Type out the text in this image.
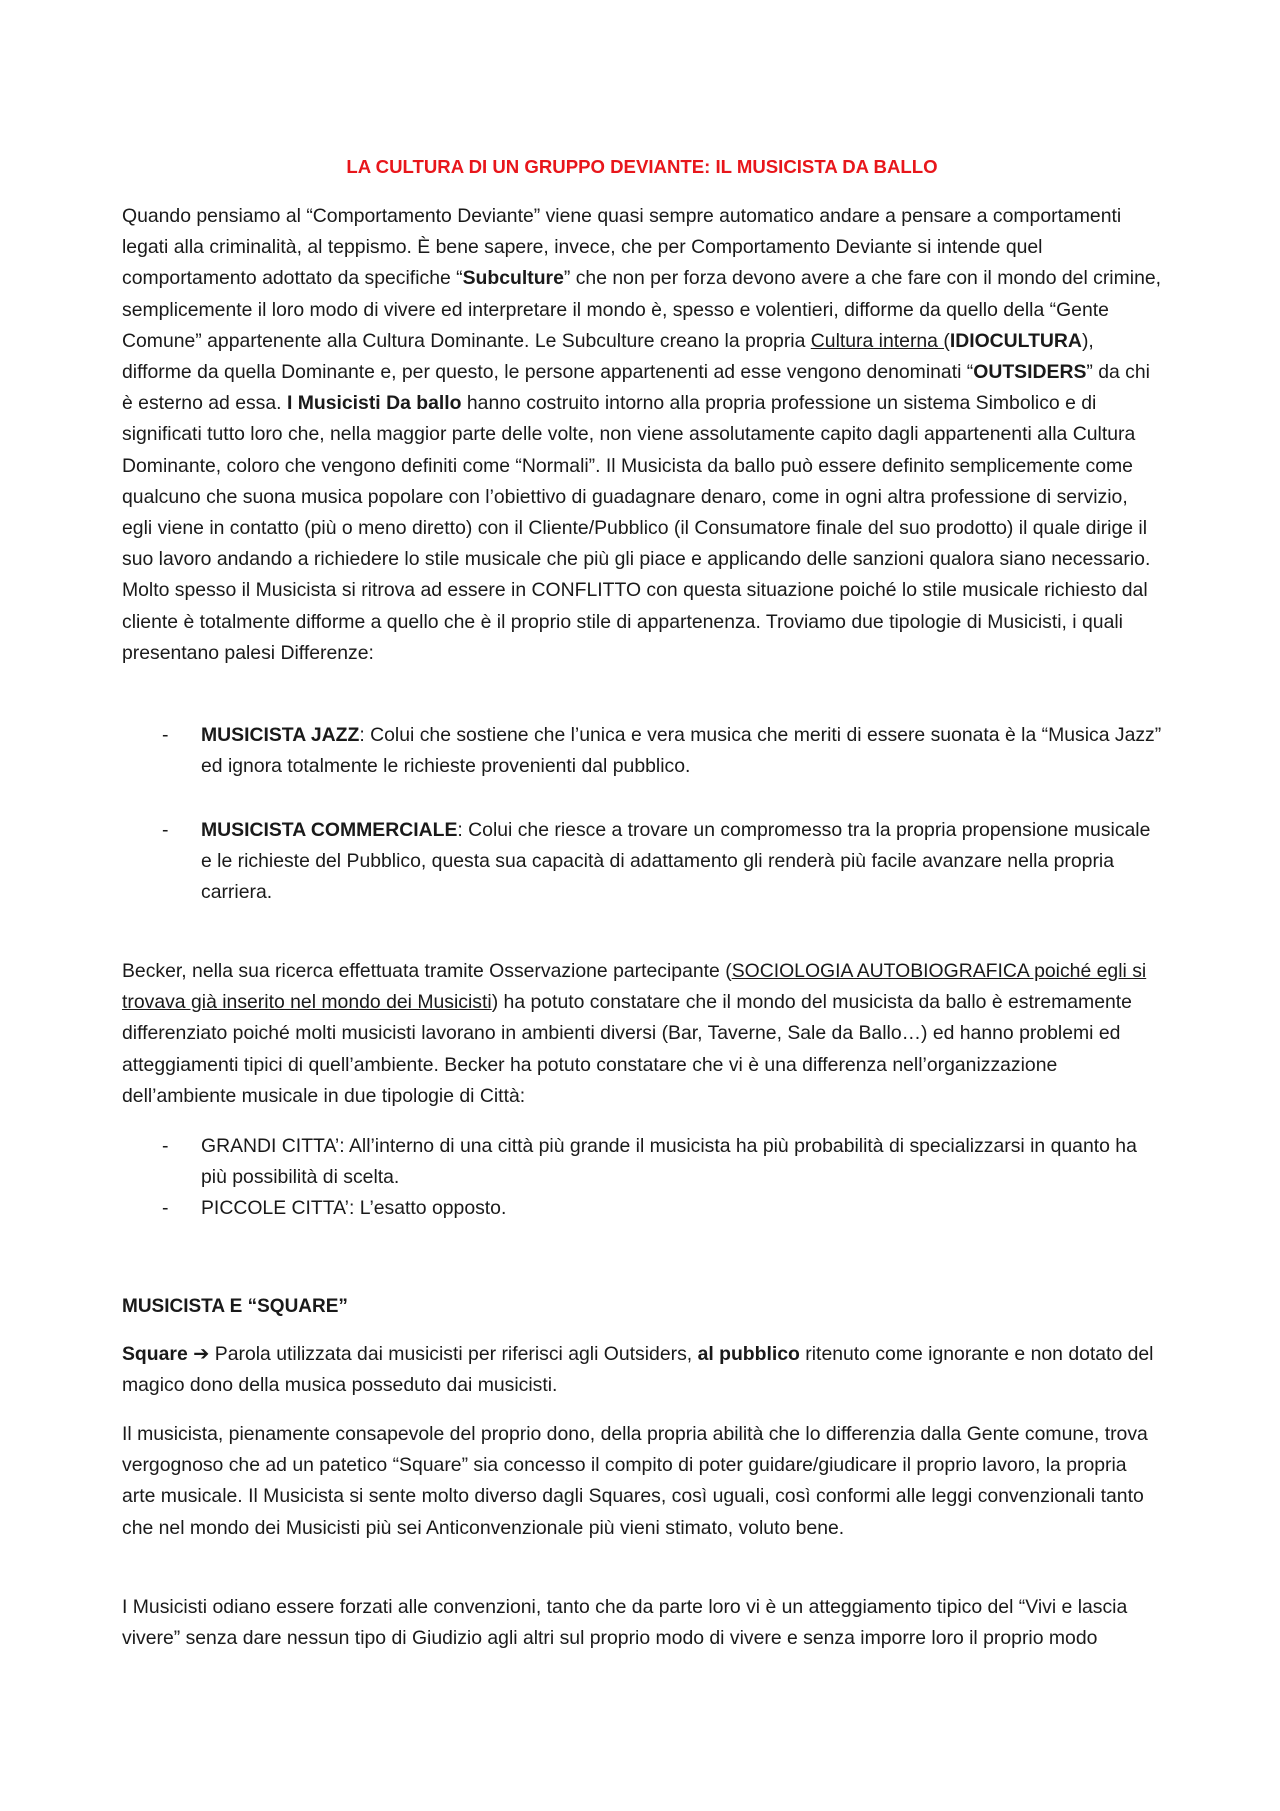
LA CULTURA DI UN GRUPPO DEVIANTE: IL MUSICISTA DA BALLO

Quando pensiamo al “Comportamento Deviante” viene quasi sempre automatico andare a pensare a comportamenti legati alla criminalità, al teppismo. È bene sapere, invece, che per Comportamento Deviante si intende quel comportamento adottato da specifiche “Subculture” che non per forza devono avere a che fare con il mondo del crimine, semplicemente il loro modo di vivere ed interpretare il mondo è, spesso e volentieri, difforme da quello della “Gente Comune” appartenente alla Cultura Dominante. Le Subculture creano la propria Cultura interna (IDIOCULTURA), difforme da quella Dominante e, per questo, le persone appartenenti ad esse vengono denominati “OUTSIDERS” da chi è esterno ad essa. I Musicisti Da ballo hanno costruito intorno alla propria professione un sistema Simbolico e di significati tutto loro che, nella maggior parte delle volte, non viene assolutamente capito dagli appartenenti alla Cultura Dominante, coloro che vengono definiti come “Normali”. Il Musicista da ballo può essere definito semplicemente come qualcuno che suona musica popolare con l’obiettivo di guadagnare denaro, come in ogni altra professione di servizio, egli viene in contatto (più o meno diretto) con il Cliente/Pubblico (il Consumatore finale del suo prodotto) il quale dirige il suo lavoro andando a richiedere lo stile musicale che più gli piace e applicando delle sanzioni qualora siano necessario. Molto spesso il Musicista si ritrova ad essere in CONFLITTO con questa situazione poiché lo stile musicale richiesto dal cliente è totalmente difforme a quello che è il proprio stile di appartenenza. Troviamo due tipologie di Musicisti, i quali presentano palesi Differenze:

- MUSICISTA JAZZ: Colui che sostiene che l’unica e vera musica che meriti di essere suonata è la “Musica Jazz” ed ignora totalmente le richieste provenienti dal pubblico.

- MUSICISTA COMMERCIALE: Colui che riesce a trovare un compromesso tra la propria propensione musicale e le richieste del Pubblico, questa sua capacità di adattamento gli renderà più facile avanzare nella propria carriera.

Becker, nella sua ricerca effettuata tramite Osservazione partecipante (SOCIOLOGIA AUTOBIOGRAFICA poiché egli si trovava già inserito nel mondo dei Musicisti) ha potuto constatare che il mondo del musicista da ballo è estremamente differenziato poiché molti musicisti lavorano in ambienti diversi (Bar, Taverne, Sale da Ballo…) ed hanno problemi ed atteggiamenti tipici di quell’ambiente. Becker ha potuto constatare che vi è una differenza nell’organizzazione dell’ambiente musicale in due tipologie di Città:

- GRANDI CITTA’: All’interno di una città più grande il musicista ha più probabilità di specializzarsi in quanto ha più possibilità di scelta.

- PICCOLE CITTA’: L’esatto opposto.

MUSICISTA E “SQUARE”

Square ➔ Parola utilizzata dai musicisti per riferisci agli Outsiders, al pubblico ritenuto come ignorante e non dotato del magico dono della musica posseduto dai musicisti.

Il musicista, pienamente consapevole del proprio dono, della propria abilità che lo differenzia dalla Gente comune, trova vergognoso che ad un patetico “Square” sia concesso il compito di poter guidare/giudicare il proprio lavoro, la propria arte musicale. Il Musicista si sente molto diverso dagli Squares, così uguali, così conformi alle leggi convenzionali tanto che nel mondo dei Musicisti più sei Anticonvenzionale più vieni stimato, voluto bene.

I Musicisti odiano essere forzati alle convenzioni, tanto che da parte loro vi è un atteggiamento tipico del “Vivi e lascia vivere” senza dare nessun tipo di Giudizio agli altri sul proprio modo di vivere e senza imporre loro il proprio modo
